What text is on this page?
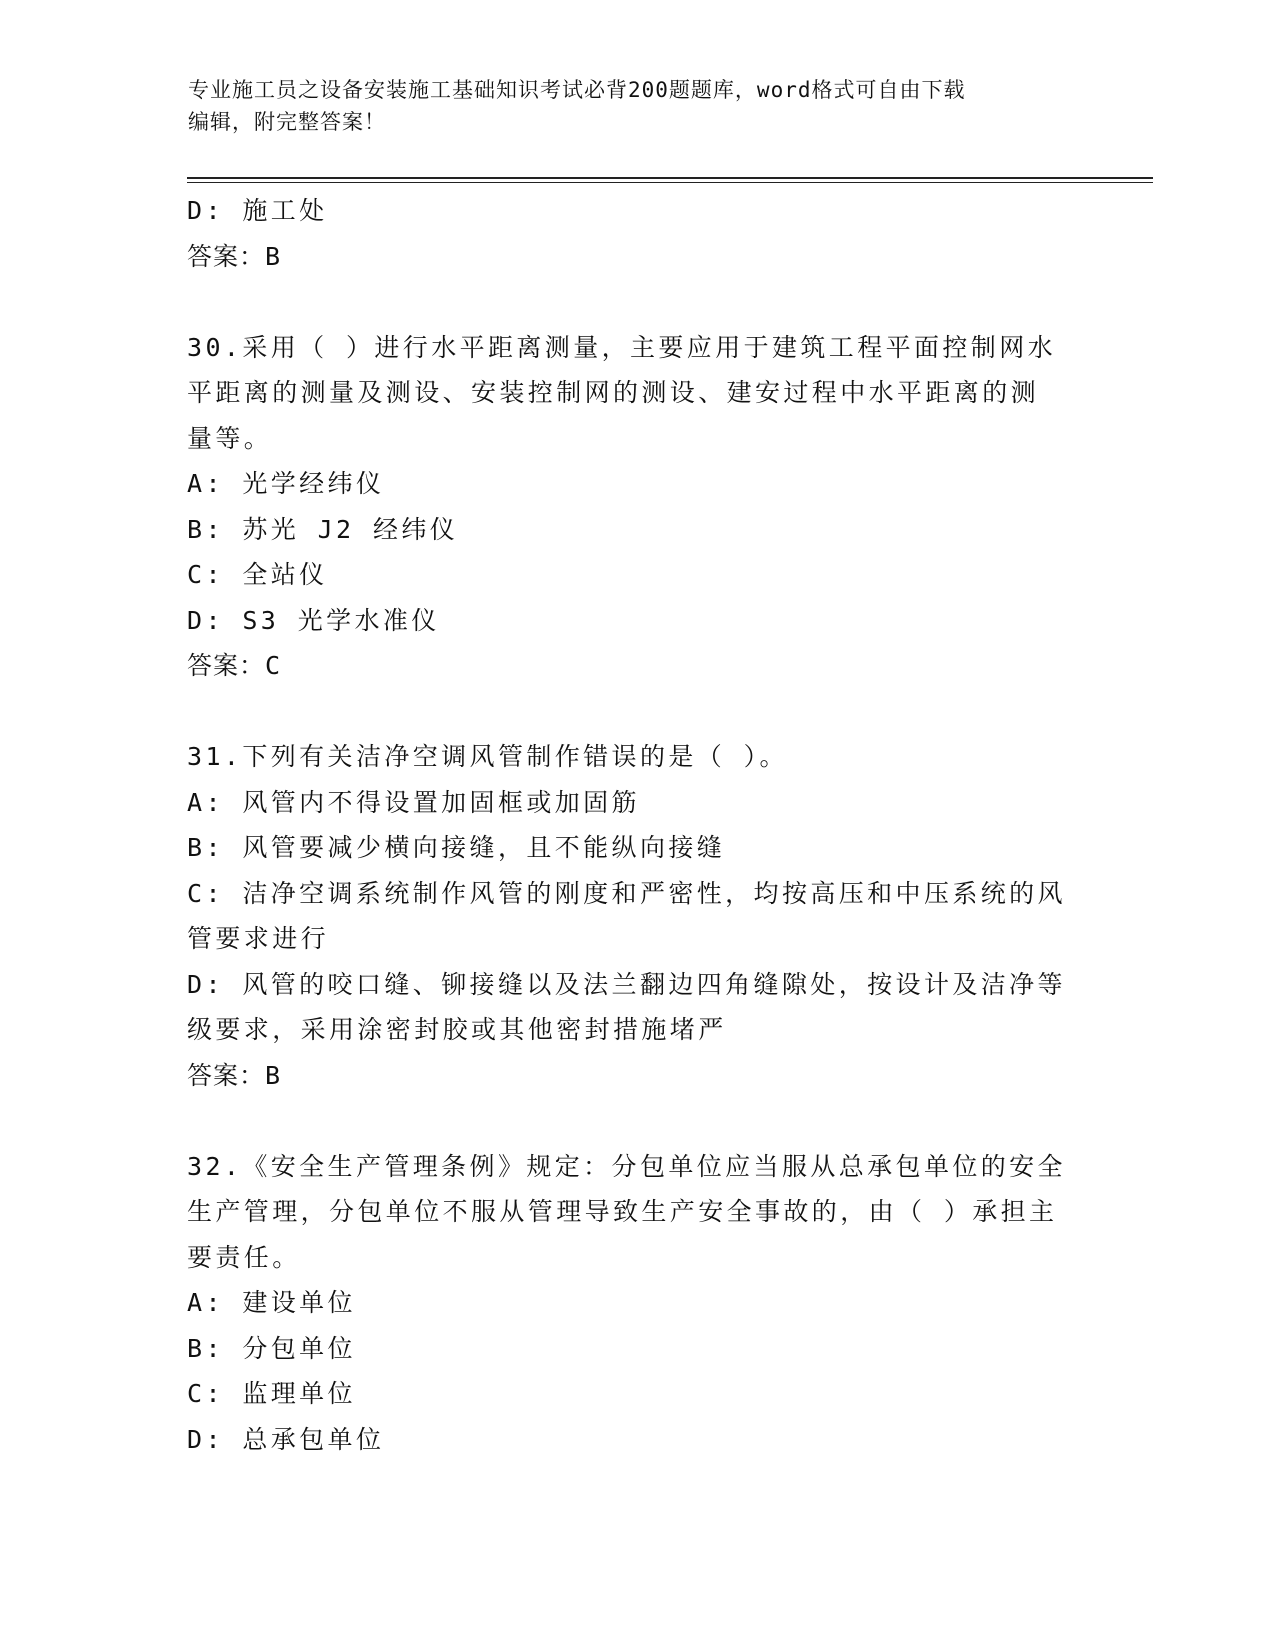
专业施工员之设备安装施工基础知识考试必背200题题库，word格式可自由下载
编辑，附完整答案！
D: 施工处
答案：B
30.采用（ ）进行水平距离测量，主要应用于建筑工程平面控制网水
平距离的测量及测设、安装控制网的测设、建安过程中水平距离的测
量等。
A: 光学经纬仪
B: 苏光 J2 经纬仪
C: 全站仪
D: S3 光学水准仪
答案：C
31.下列有关洁净空调风管制作错误的是（ ）。
A: 风管内不得设置加固框或加固筋
B: 风管要减少横向接缝，且不能纵向接缝
C: 洁净空调系统制作风管的刚度和严密性，均按高压和中压系统的风
管要求进行
D: 风管的咬口缝、铆接缝以及法兰翻边四角缝隙处，按设计及洁净等
级要求，采用涂密封胶或其他密封措施堵严
答案：B
32.《安全生产管理条例》规定：分包单位应当服从总承包单位的安全
生产管理，分包单位不服从管理导致生产安全事故的，由（ ）承担主
要责任。
A: 建设单位
B: 分包单位
C: 监理单位
D: 总承包单位
